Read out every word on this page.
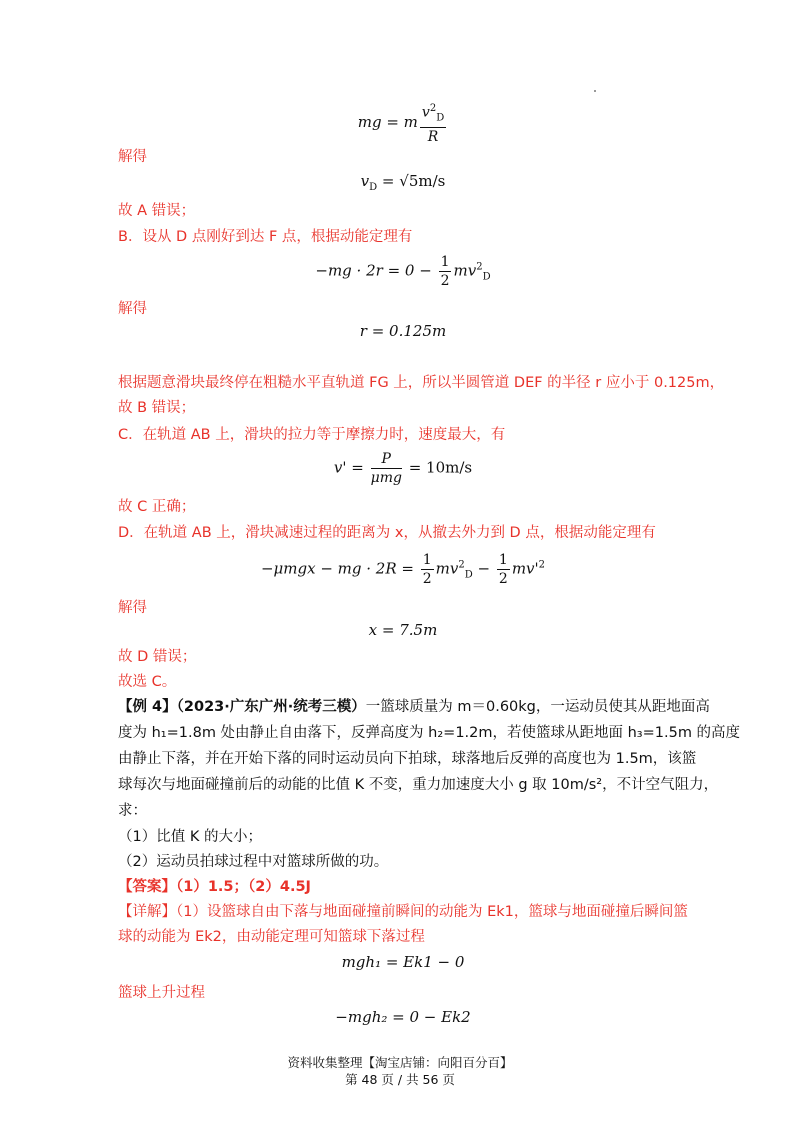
mg = m $\frac{v^2_D}{R}$
解得
$v_D = √5m/s$
故 A 错误；
B．设从 D 点刚好到达 F 点，根据动能定理有
$-mg \cdot 2r = 0 - \frac{1}{2} mv^2_D$
解得
r = 0.125m
根据题意滑块最终停在粗糙水平直轨道 FG 上，所以半圆管道 DEF 的半径 r 应小于 0.125m，
故 B 错误；
C．在轨道 AB 上，滑块的拉力等于摩擦力时，速度最大，有
$v' = \frac{P}{\text{μmg}} = 10m/s$
故 C 正确；
D．在轨道 AB 上，滑块减速过程的距离为 x，从撤去外力到 D 点，根据动能定理有
−μmgx − mg · $2R = \frac{1}{2} mv^2_D - \frac{1}{2} mv'^2$
解得
x = 7.5m
故 D 错误；
故选 C。
【例 4】（2023·广东广州·统考三模）一篮球质量为 m＝0.60kg，一运动员使其从距地面高
度为 h₁=1.8m 处由静止自由落下，反弹高度为 h₂=1.2m，若使篮球从距地面 h₃=1.5m 的高度
由静止下落，并在开始下落的同时运动员向下拍球，球落地后反弹的高度也为 1.5m，该篮
球每次与地面碰撞前后的动能的比值 K 不变，重力加速度大小 g 取 10m/s²，不计空气阻力，
求：
（1）比值 K 的大小；
（2）运动员拍球过程中对篮球所做的功。
【答案】（1）1.5；（2）4.5J
【详解】（1）设篮球自由下落与地面碰撞前瞬间的动能为 Ek1，篮球与地面碰撞后瞬间篮
球的动能为 Ek2，由动能定理可知篮球下落过程
mgh₁ = Ek1 − 0
篮球上升过程
−mgh₂ = 0 − Ek2
资料收集整理【淘宝店铺：向阳百分百】
第 48 页 / 共 56 页
